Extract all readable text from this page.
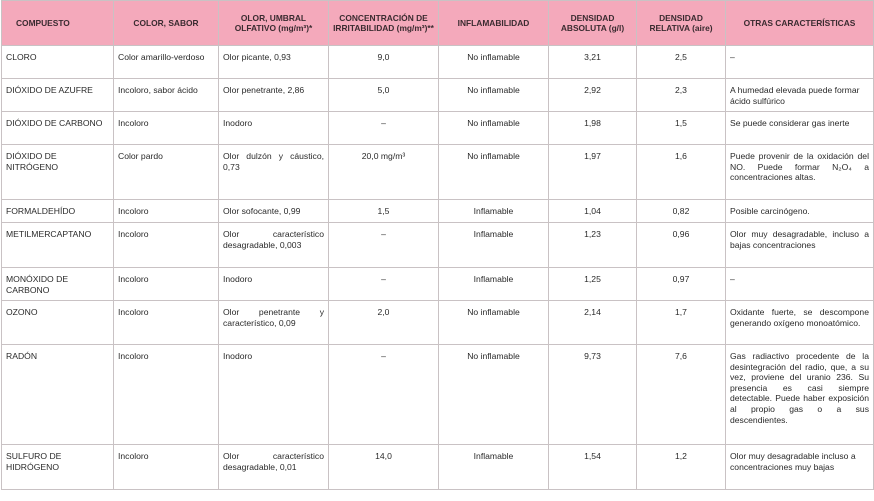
COMPUESTO	COLOR, SABOR	OLOR, UMBRAL OLFATIVO (mg/m³)*	CONCENTRACIÓN DE IRRITABILIDAD (mg/m³)**	INFLAMABILIDAD	DENSIDAD ABSOLUTA (g/l)	DENSIDAD RELATIVA (aire)	OTRAS CARACTERÍSTICAS
CLORO	Color amarillo-verdoso	Olor picante, 0,93	9,0	No inflamable	3,21	2,5	–
DIÓXIDO DE AZUFRE	Incoloro, sabor ácido	Olor penetrante, 2,86	5,0	No inflamable	2,92	2,3	A humedad elevada puede formar ácido sulfúrico
DIÓXIDO DE CARBONO	Incoloro	Inodoro	–	No inflamable	1,98	1,5	Se puede considerar gas inerte
DIÓXIDO DE NITRÓGENO	Color pardo	Olor dulzón y cáustico, 0,73	20,0 mg/m³	No inflamable	1,97	1,6	Puede provenir de la oxidación del NO. Puede formar N₂O₄ a concentraciones altas.
FORMALDEHÍDO	Incoloro	Olor sofocante, 0,99	1,5	Inflamable	1,04	0,82	Posible carcinógeno.
METILMERCAPTANO	Incoloro	Olor característico desagradable, 0,003	–	Inflamable	1,23	0,96	Olor muy desagradable, incluso a bajas concentraciones
MONÓXIDO DE CARBONO	Incoloro	Inodoro	–	Inflamable	1,25	0,97	–
OZONO	Incoloro	Olor penetrante y característico, 0,09	2,0	No inflamable	2,14	1,7	Oxidante fuerte, se descompone generando oxígeno monoatómico.
RADÓN	Incoloro	Inodoro	–	No inflamable	9,73	7,6	Gas radiactivo procedente de la desintegración del radio, que, a su vez, proviene del uranio 236. Su presencia es casi siempre detectable. Puede haber exposición al propio gas o a sus descendientes.
SULFURO DE HIDRÓGENO	Incoloro	Olor característico desagradable, 0,01	14,0	Inflamable	1,54	1,2	Olor muy desagradable incluso a concentraciones muy bajas
